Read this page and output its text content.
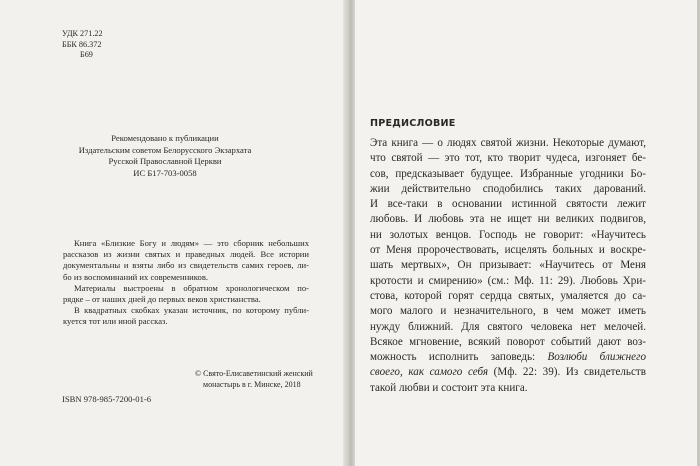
УДК 271.22
ББК 86.372
Б69
Рекомендовано к публикации
Издательским советом Белорусского Экзархата
Русской Православной Церкви
ИС Б17-703-0058
Книга «Близкие Богу и людям» — это сборник небольших
рассказов из жизни святых и праведных людей. Все истории
документальны и взяты либо из свидетельств самих героев, ли-
бо из воспоминаний их современников.
Материалы выстроены в обратном хронологическом по-
рядке – от наших дней до первых веков христианства.
В квадратных скобках указан источник, по которому публи-
куется тот или иной рассказ.
ISBN 978-985-7200-01-6
© Свято-Елисаветинский женский
монастырь в г. Минске, 2018
ПРЕДИСЛОВИЕ
Эта книга — о людях святой жизни. Некоторые думают,
что святой — это тот, кто творит чудеса, изгоняет бе-
сов, предсказывает будущее. Избранные угодники Бо-
жии действительно сподобились таких дарований.
И все-таки в основании истинной святости лежит
любовь. И любовь эта не ищет ни великих подвигов,
ни золотых венцов. Господь не говорит: «Научитесь
от Меня пророчествовать, исцелять больных и воскре-
шать мертвых», Он призывает: «Научитесь от Меня
кротости и смирению» (см.: Мф. 11: 29). Любовь Хри-
стова, которой горят сердца святых, умаляется до са-
мого малого и незначительного, в чем может иметь
нужду ближний. Для святого человека нет мелочей.
Всякое мгновение, всякий поворот событий дают воз-
можность исполнить заповедь: Возлюби ближнего
своего, как самого себя (Мф. 22: 39). Из свидетельств
такой любви и состоит эта книга.
